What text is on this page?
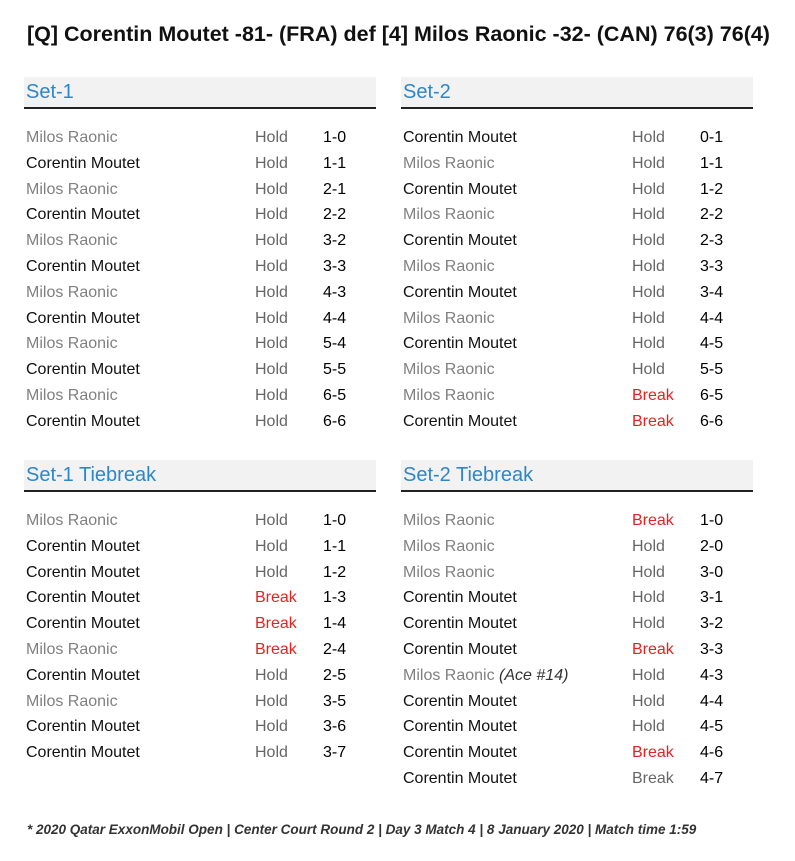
[Q] Corentin Moutet -81- (FRA) def [4] Milos Raonic -32- (CAN) 76(3) 76(4)
Set-1
Milos Raonic	Hold 1-0
Corentin Moutet	Hold 1-1
Milos Raonic	Hold 2-1
Corentin Moutet	Hold 2-2
Milos Raonic	Hold 3-2
Corentin Moutet	Hold 3-3
Milos Raonic	Hold 4-3
Corentin Moutet	Hold 4-4
Milos Raonic	Hold 5-4
Corentin Moutet	Hold 5-5
Milos Raonic	Hold 6-5
Corentin Moutet	Hold 6-6
Set-2
Corentin Moutet	Hold 0-1
Milos Raonic	Hold 1-1
Corentin Moutet	Hold 1-2
Milos Raonic	Hold 2-2
Corentin Moutet	Hold 2-3
Milos Raonic	Hold 3-3
Corentin Moutet	Hold 3-4
Milos Raonic	Hold 4-4
Corentin Moutet	Hold 4-5
Milos Raonic	Hold 5-5
Milos Raonic	Break 6-5
Corentin Moutet	Break 6-6
Set-1 Tiebreak
Milos Raonic	Hold 1-0
Corentin Moutet	Hold 1-1
Corentin Moutet	Hold 1-2
Corentin Moutet	Break 1-3
Corentin Moutet	Break 1-4
Milos Raonic	Break 2-4
Corentin Moutet	Hold 2-5
Milos Raonic	Hold 3-5
Corentin Moutet	Hold 3-6
Corentin Moutet	Hold 3-7
Set-2 Tiebreak
Milos Raonic	Break 1-0
Milos Raonic	Hold 2-0
Milos Raonic	Hold 3-0
Corentin Moutet	Hold 3-1
Corentin Moutet	Hold 3-2
Corentin Moutet	Break 3-3
Milos Raonic (Ace #14)	Hold 4-3
Corentin Moutet	Hold 4-4
Corentin Moutet	Hold 4-5
Corentin Moutet	Break 4-6
Corentin Moutet	Break 4-7
* 2020 Qatar ExxonMobil Open | Center Court Round 2 | Day 3 Match 4 | 8 January 2020 | Match time 1:59
